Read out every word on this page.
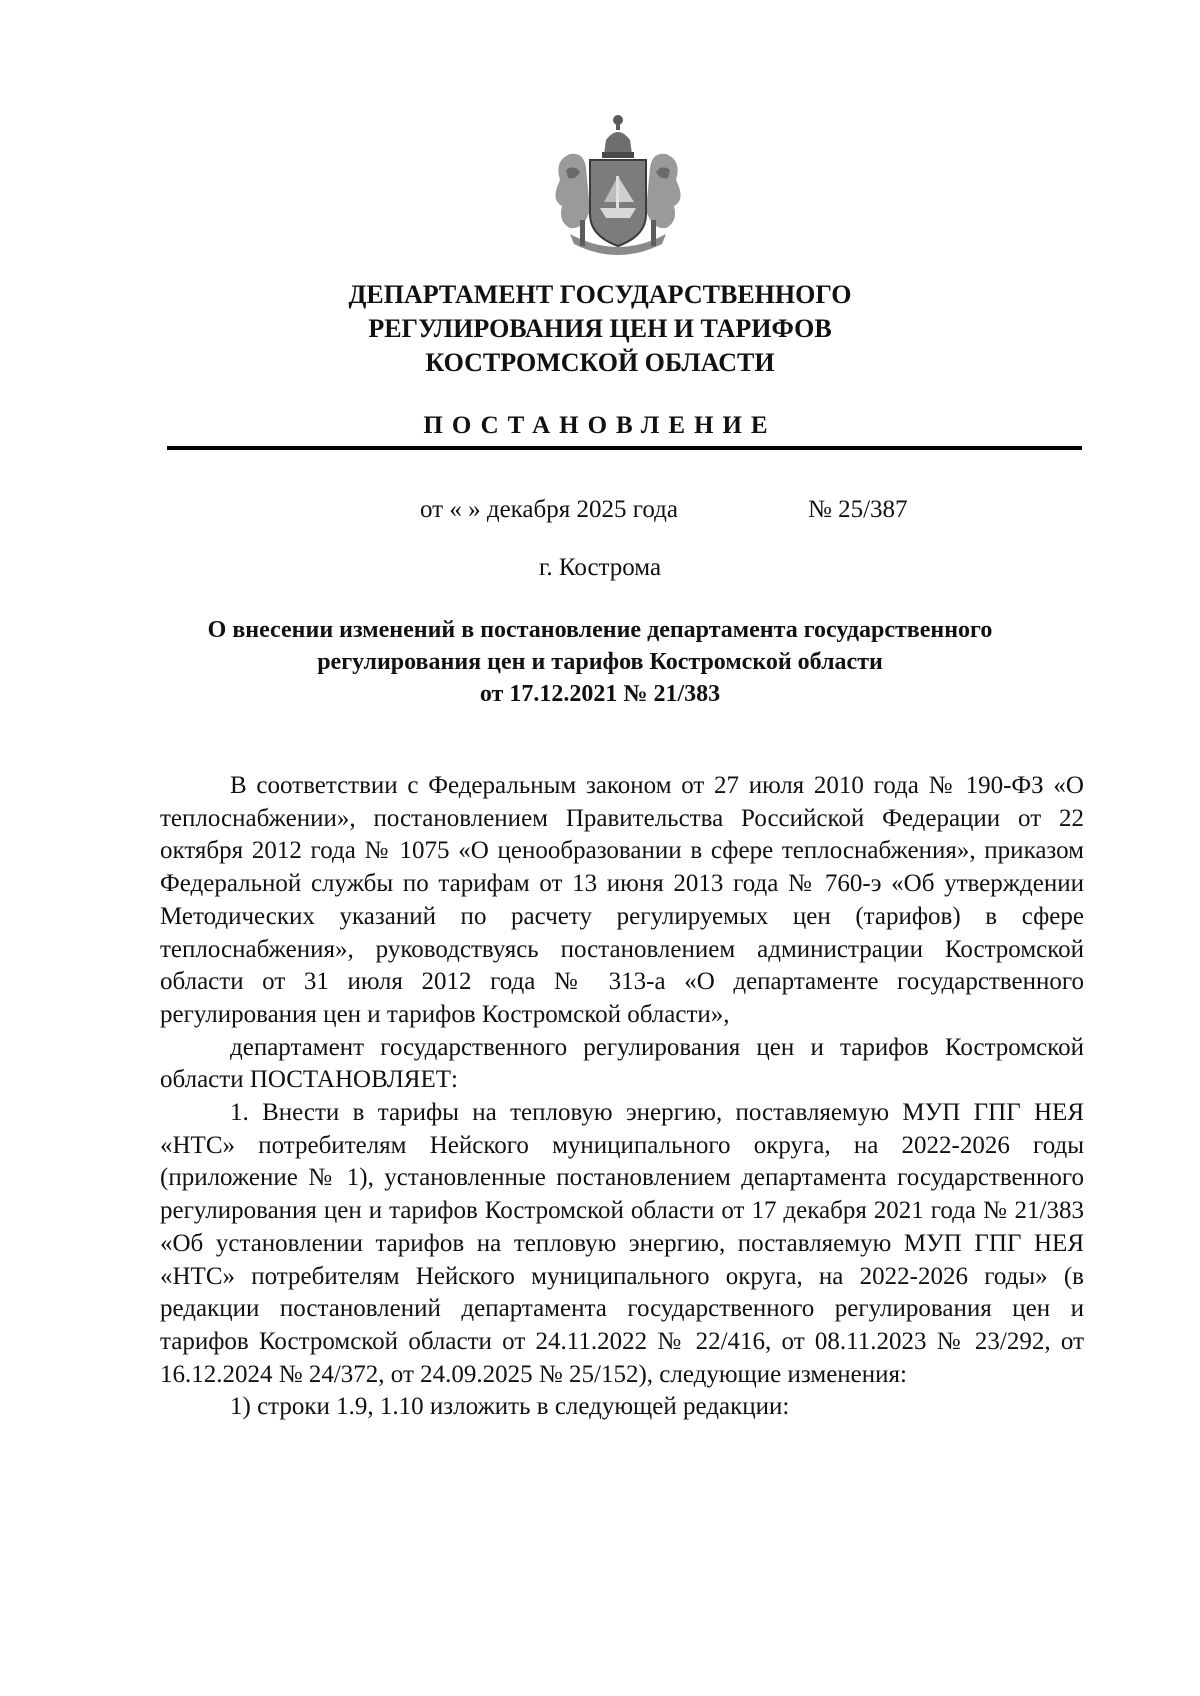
ДЕПАРТАМЕНТ ГОСУДАРСТВЕННОГО
РЕГУЛИРОВАНИЯ ЦЕН И ТАРИФОВ
КОСТРОМСКОЙ ОБЛАСТИ
ПОСТАНОВЛЕНИЕ
от « » декабря 2025 года	№ 25/387
г. Кострома
О внесении изменений в постановление департамента государственного
регулирования цен и тарифов Костромской области
от 17.12.2021 № 21/383

В соответствии с Федеральным законом от 27 июля 2010 года № 190-ФЗ «О теплоснабжении», постановлением Правительства Российской Федерации от 22 октября 2012 года № 1075 «О ценообразовании в сфере теплоснабжения», приказом Федеральной службы по тарифам от 13 июня 2013 года № 760-э «Об утверждении Методических указаний по расчету регулируемых цен (тарифов) в сфере теплоснабжения», руководствуясь постановлением администрации Костромской области от 31 июля 2012 года № 313-а «О департаменте государственного регулирования цен и тарифов Костромской области»,

департамент государственного регулирования цен и тарифов Костромской области ПОСТАНОВЛЯЕТ:

1. Внести в тарифы на тепловую энергию, поставляемую МУП ГПГ НЕЯ «НТС» потребителям Нейского муниципального округа, на 2022-2026 годы (приложение № 1), установленные постановлением департамента государственного регулирования цен и тарифов Костромской области от 17 декабря 2021 года № 21/383 «Об установлении тарифов на тепловую энергию, поставляемую МУП ГПГ НЕЯ «НТС» потребителям Нейского муниципального округа, на 2022-2026 годы» (в редакции постановлений департамента государственного регулирования цен и тарифов Костромской области от 24.11.2022 № 22/416, от 08.11.2023 № 23/292, от 16.12.2024 № 24/372, от 24.09.2025 № 25/152), следующие изменения:

1) строки 1.9, 1.10 изложить в следующей редакции:
